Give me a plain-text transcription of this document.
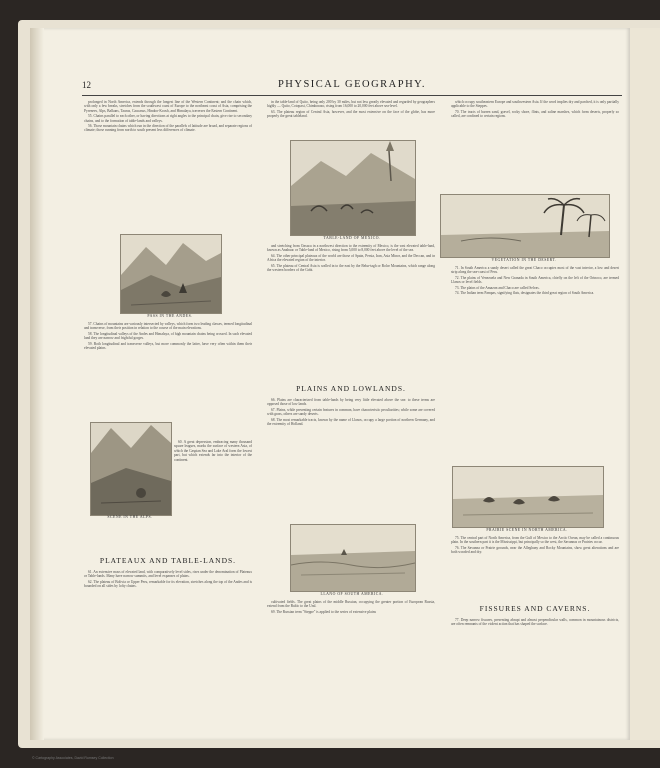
12	PHYSICAL GEOGRAPHY.

prolonged in North America, extends through the longest line of the Western Continent; and the chain which, with only a few breaks, stretches from the southwest coast of Europe to the northeast coast of Asia, comprising the Pyrenees, Alps, Balkans, Taurus, Caucasus, Hindoo-Koosh, and Himalaya, traverses the Eastern Continent.

55. Chains parallel to each other, or having directions at right angles to the principal chain, give rise to secondary chains, and to the formation of table-lands and valleys.

56. Those mountain chains which run in the direction of the parallels of latitude are broad, and separate regions of climate; those running from north to south present less differences of climate.

PASS IN THE ANDES.

57. Chains of mountains are variously intersected by valleys, which form two leading classes, termed longitudinal and transverse, from their position in relation to the course of the main elevations.

58. The longitudinal valleys of the Andes and Himalaya, of high mountain chains being crossed. In such elevated land they are narrow and frightful gorges.

59. Both longitudinal and transverse valleys, but more commonly the latter, have very often within them their elevated plains.

SCENE IN THE ALPS.

60. A great depression, embracing many thousand square leagues, marks the surface of western Asia, of which the Caspian Sea and Lake Aral form the lowest part, but which extends far into the interior of the continent.

PLATEAUX AND TABLE-LANDS.

61. An extensive mass of elevated land, with comparatively level sides, rises under the denomination of Plateaux or Table-lands. Many have narrow summits, and level expanses of plains.

62. The plateau of Bolivia or Upper Peru, remarkable for its elevation, stretches along the top of the Andes and is bounded on all sides by lofty chains.

in the table-land of Quito, being only 200 by 30 miles, but not less greatly elevated and regarded by geographers highly — Quito, Cotopaxi, Chimborazo, rising from 16,000 to 20,000 feet above sea-level.

63. The plateau region of Central Asia, however, and the most extensive on the face of the globe, has more properly the great tableland.

TABLE-LAND OF MEXICO.

and stretching from Oaxaca in a northwest direction to the extremity of Mexico, is the vast elevated table-land, known as Anahuac or Table-land of Mexico, rising from 5,000 to 8,000 feet above the level of the sea.

64. The other principal plateaux of the world are those of Spain, Persia, Iran, Asia Minor, and the Deccan, and in Africa the elevated region of the interior.

65. The plateau of Central Asia is walled in to the east by the Belur-tagh or Bolor Mountains, which range along the western borders of the Gobi.

PLAINS AND LOWLANDS.

66. Plains are characterized from table-lands by being very little elevated above the sea: to these terms are opposed those of low lands.

67. Plains, while presenting certain features in common, have characteristic peculiarities; while some are covered with grass, others are sandy deserts.

68. The most remarkable tracts, known by the name of Llanos, occupy a large portion of northern Germany, and the extremity of Holland.

LLANO OF SOUTH AMERICA.

cultivated fields. The great plains of the middle Russian, occupying the greater portion of European Russia, extend from the Baltic to the Ural.

69. The Russian term "Steppe" is applied to the series of extensive plains

which occupy southeastern Europe and southwestern Asia. If the word implies dry and parched, it is only partially applicable to the Steppes.

70. The tracts of barren sand, gravel, rocky shore, flints, and saline marshes, which form deserts, properly so called, are confined to certain regions.

VEGETATION IN THE DESERT.

71. In South America a sandy desert called the great Chaco occupies most of the vast interior, a low and desert strip along the sea-coast of Peru.

72. The plains of Venezuela and New Granada in South America, chiefly on the left of the Orinoco, are termed Llanos or level fields.

73. The plains of the Amazon and Chaco are called Selvas.

74. The Indian term Pampas, signifying flats, designates the third great region of South America.

PRAIRIE SCENE IN NORTH AMERICA.

75. The central part of North America, from the Gulf of Mexico to the Arctic Ocean, may be called a continuous plain. In the southern part it is the Mississippi, but principally so the west, the Savannas or Prairies occur.

76. The Savanna or Prairie grounds, near the Alleghany and Rocky Mountains, show great alterations and are both wooded and dry.

FISSURES AND CAVERNS.

77. Deep narrow fissures, presenting abrupt and almost perpendicular walls, common in mountainous districts, are often remnants of the violent action that has shaped the surface.

© Cartography Associates, David Rumsey Collection
